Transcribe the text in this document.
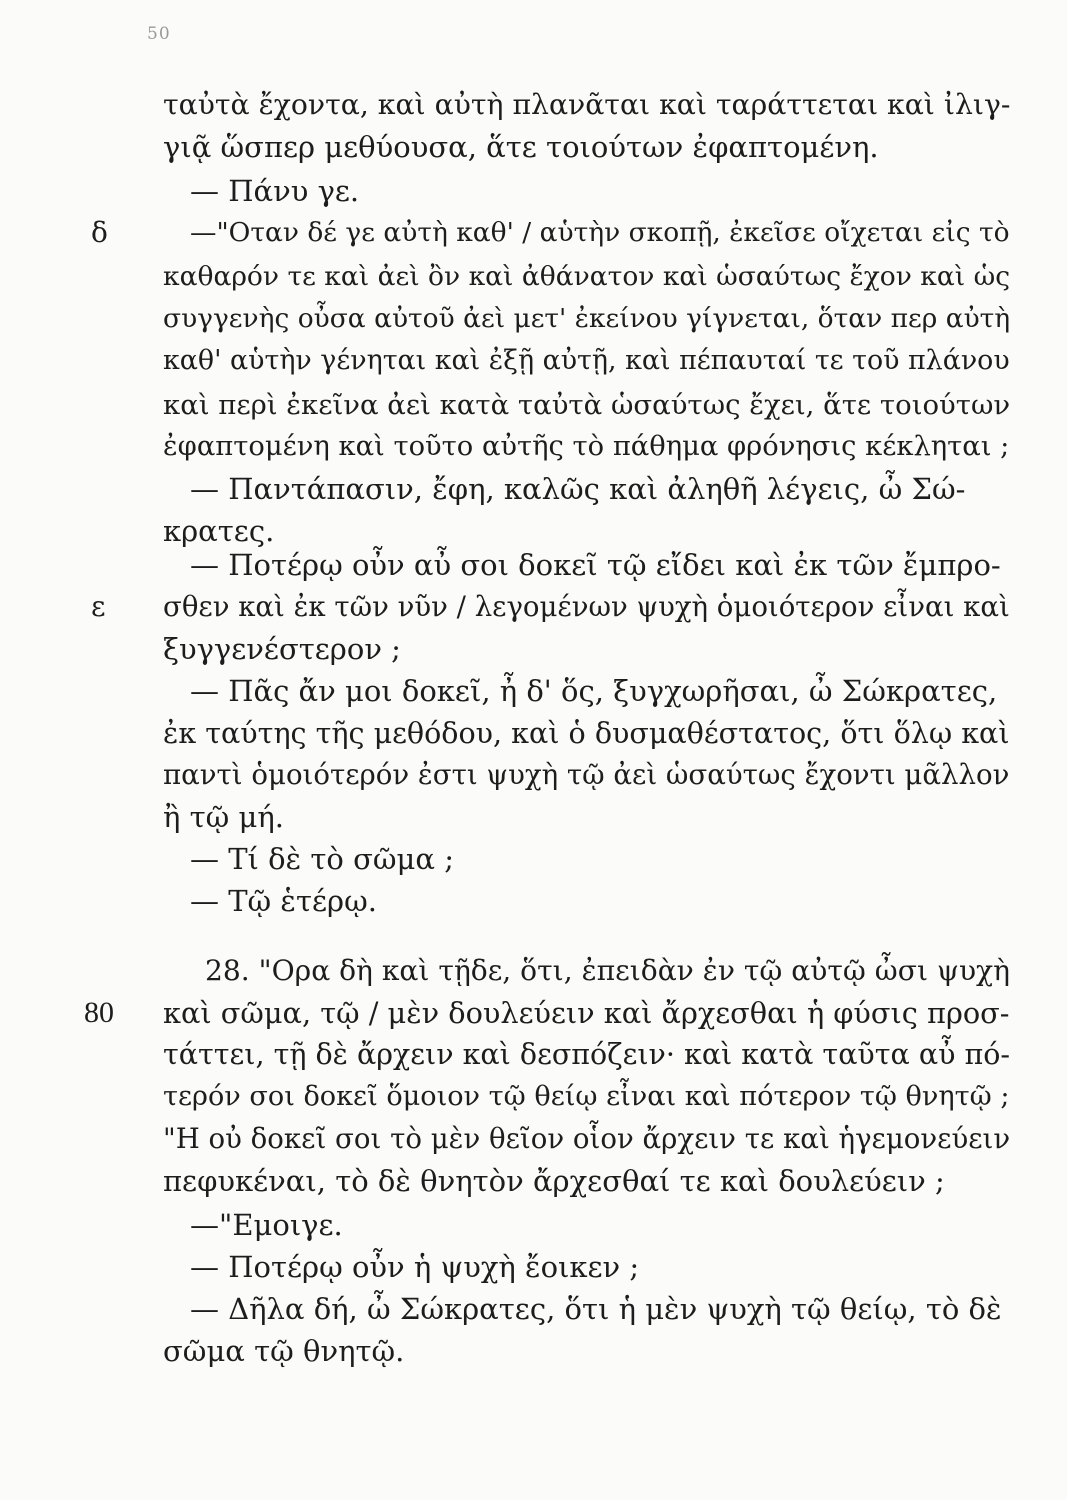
50
δ
ε
80
ταὐτὰ ἔχοντα, καὶ αὐτὴ πλανᾶται καὶ ταράττεται καὶ ἰλιγ-
γιᾷ ὥσπερ μεθύουσα, ἅτε τοιούτων ἐφαπτομένη.
— Πάνυ γε.
—"Οταν δέ γε αὐτὴ καθ' / αὑτὴν σκοπῇ, ἐκεῖσε οἴχεται εἰς τὸ
καθαρόν τε καὶ ἀεὶ ὂν καὶ ἀθάνατον καὶ ὡσαύτως ἔχον καὶ ὡς
συγγενὴς οὖσα αὐτοῦ ἀεὶ μετ' ἐκείνου γίγνεται, ὅταν περ αὐτὴ
καθ' αὑτὴν γένηται καὶ ἐξῇ αὐτῇ, καὶ πέπαυταί τε τοῦ πλάνου
καὶ περὶ ἐκεῖνα ἀεὶ κατὰ ταὐτὰ ὡσαύτως ἔχει, ἅτε τοιούτων
ἐφαπτομένη καὶ τοῦτο αὐτῆς τὸ πάθημα φρόνησις κέκληται ;
— Παντάπασιν, ἔφη, καλῶς καὶ ἀληθῆ λέγεις, ὦ Σώ-
κρατες.
— Ποτέρῳ οὖν αὖ σοι δοκεῖ τῷ εἴδει καὶ ἐκ τῶν ἔμπρο-
σθεν καὶ ἐκ τῶν νῦν / λεγομένων ψυχὴ ὁμοιότερον εἶναι καὶ
ξυγγενέστερον ;
— Πᾶς ἄν μοι δοκεῖ, ἦ δ' ὅς, ξυγχωρῆσαι, ὦ Σώκρατες,
ἐκ ταύτης τῆς μεθόδου, καὶ ὁ δυσμαθέστατος, ὅτι ὅλῳ καὶ
παντὶ ὁμοιότερόν ἐστι ψυχὴ τῷ ἀεὶ ὡσαύτως ἔχοντι μᾶλλον
ἢ τῷ μή.
— Τί δὲ τὸ σῶμα ;
— Τῷ ἑτέρῳ.
28. "Ορα δὴ καὶ τῇδε, ὅτι, ἐπειδὰν ἐν τῷ αὐτῷ ὦσι ψυχὴ
καὶ σῶμα, τῷ / μὲν δουλεύειν καὶ ἄρχεσθαι ἡ φύσις προσ-
τάττει, τῇ δὲ ἄρχειν καὶ δεσπόζειν· καὶ κατὰ ταῦτα αὖ πό-
τερόν σοι δοκεῖ ὅμοιον τῷ θείῳ εἶναι καὶ πότερον τῷ θνητῷ ;
"Η οὐ δοκεῖ σοι τὸ μὲν θεῖον οἷον ἄρχειν τε καὶ ἡγεμονεύειν
πεφυκέναι, τὸ δὲ θνητὸν ἄρχεσθαί τε καὶ δουλεύειν ;
—"Εμοιγε.
— Ποτέρῳ οὖν ἡ ψυχὴ ἔοικεν ;
— Δῆλα δή, ὦ Σώκρατες, ὅτι ἡ μὲν ψυχὴ τῷ θείῳ, τὸ δὲ
σῶμα τῷ θνητῷ.
